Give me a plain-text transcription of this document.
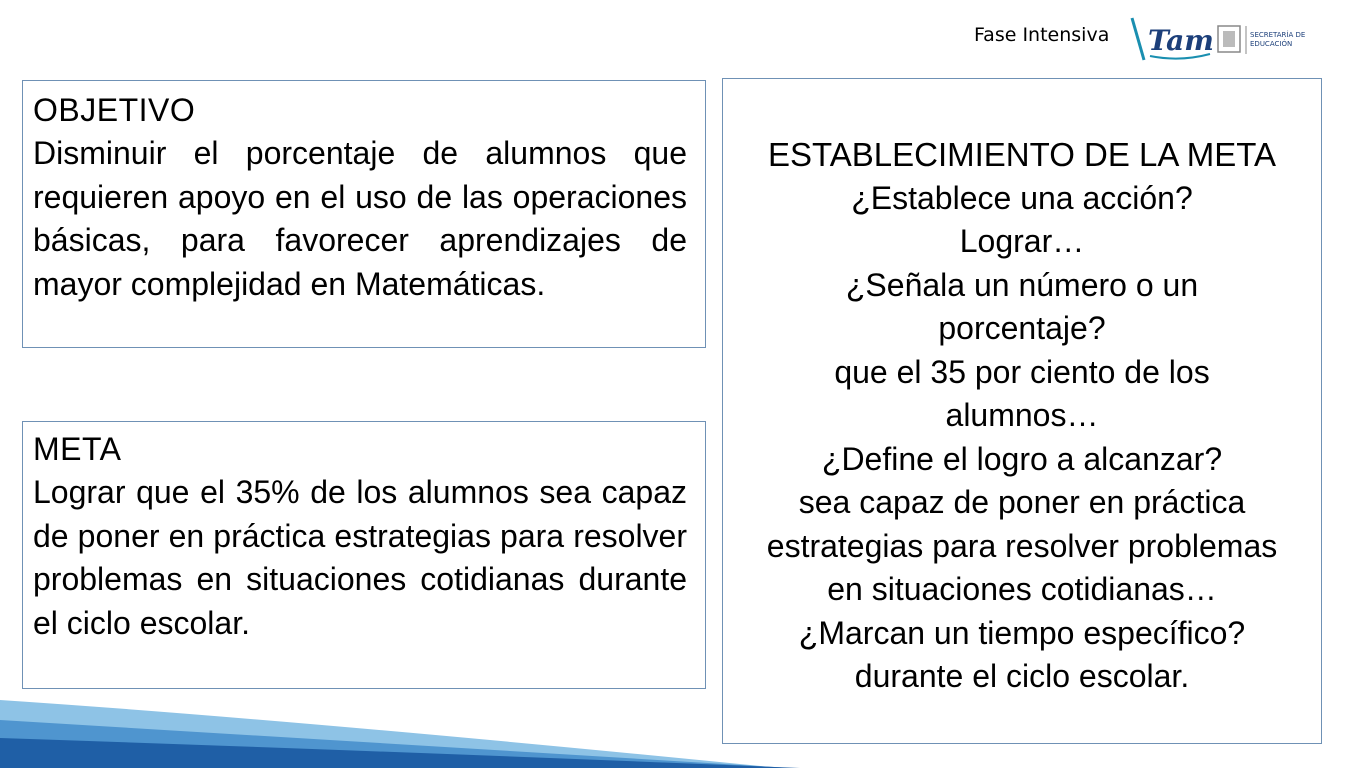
Fase Intensiva Tam	SECRETARÍA DE EDUCACIÓN
OBJETIVO
Disminuir el porcentaje de alumnos que requieren apoyo en el uso de las operaciones básicas, para favorecer aprendizajes de mayor complejidad en Matemáticas.
META
Lograr que el 35% de los alumnos sea capaz de poner en práctica estrategias para resolver problemas en situaciones cotidianas durante el ciclo escolar.
ESTABLECIMIENTO DE LA META
¿Establece una acción?
Lograr…
¿Señala un número o un porcentaje?
que el 35 por ciento de los alumnos…
¿Define el logro a alcanzar?
sea capaz de poner en práctica estrategias para resolver problemas en situaciones cotidianas…
¿Marcan un tiempo específico?
durante el ciclo escolar.
